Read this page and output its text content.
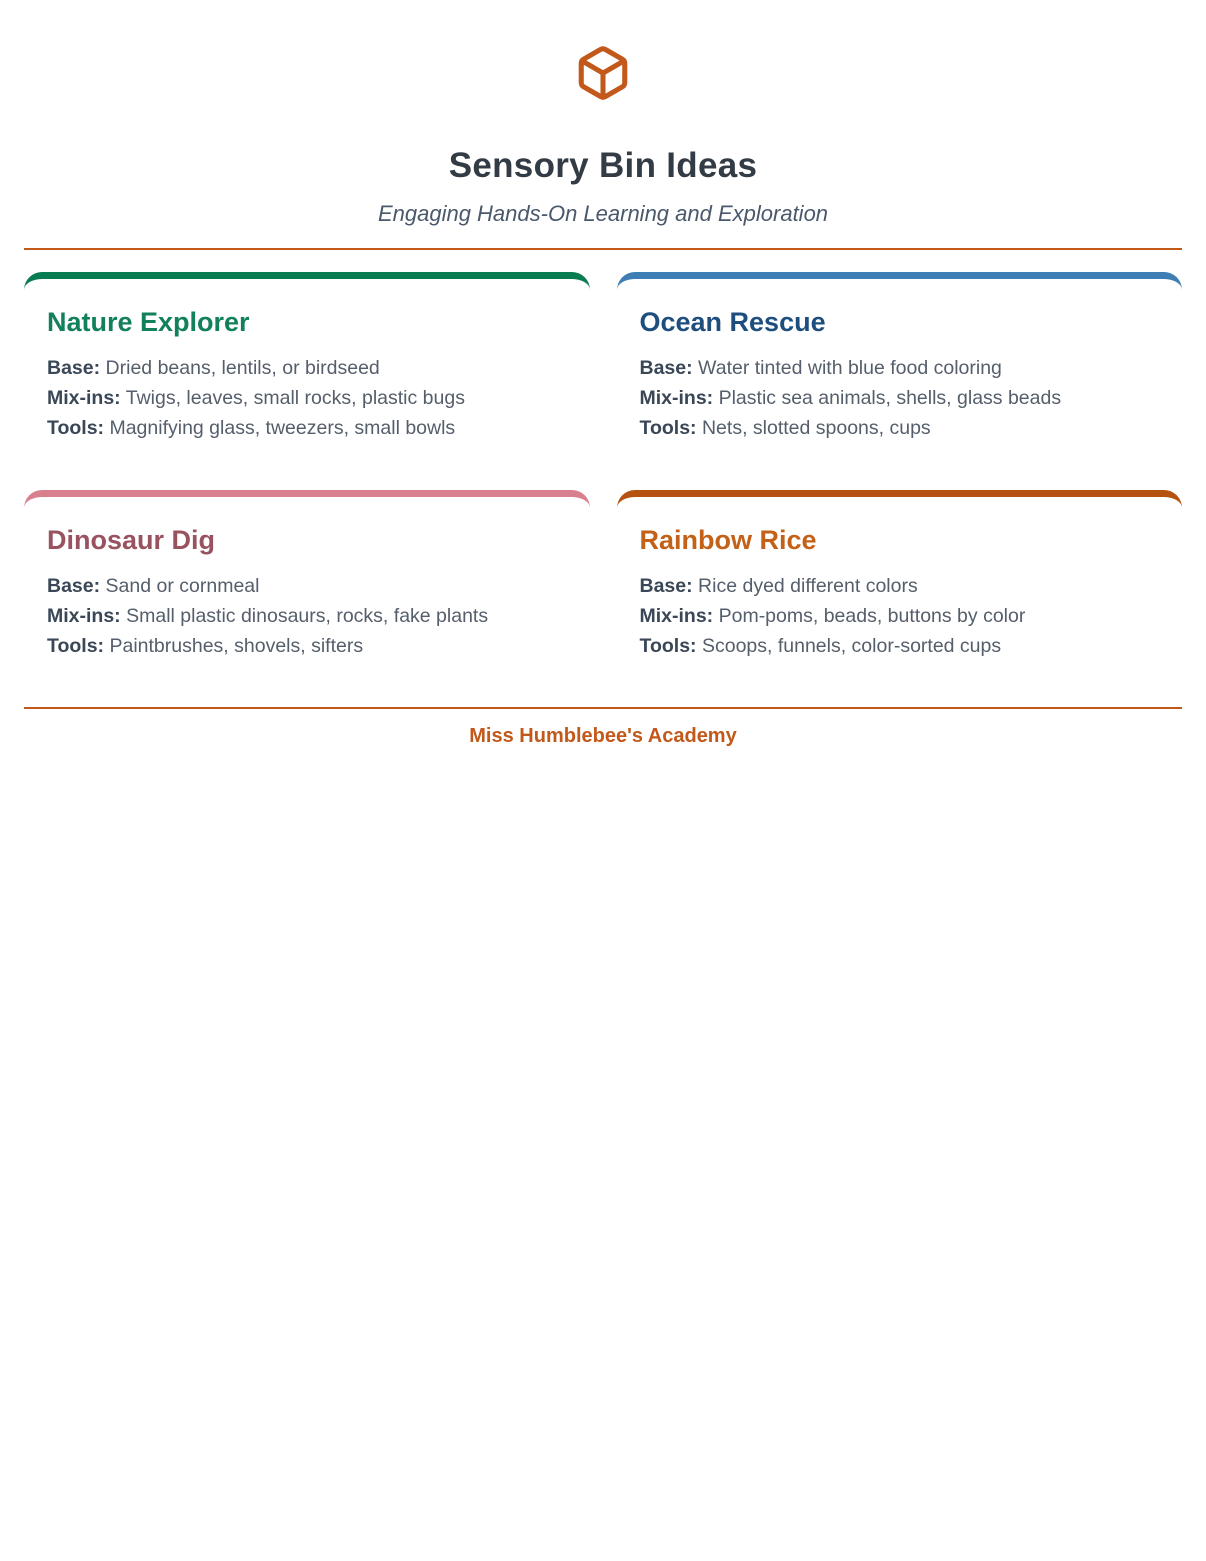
Sensory Bin Ideas

Engaging Hands-On Learning and Exploration

Nature Explorer

Base: Dried beans, lentils, or birdseed

Mix-ins: Twigs, leaves, small rocks, plastic bugs

Tools: Magnifying glass, tweezers, small bowls

Ocean Rescue

Base: Water tinted with blue food coloring

Mix-ins: Plastic sea animals, shells, glass beads

Tools: Nets, slotted spoons, cups

Dinosaur Dig

Base: Sand or cornmeal

Mix-ins: Small plastic dinosaurs, rocks, fake plants

Tools: Paintbrushes, shovels, sifters

Rainbow Rice

Base: Rice dyed different colors

Mix-ins: Pom-poms, beads, buttons by color

Tools: Scoops, funnels, color-sorted cups

Miss Humblebee's Academy
